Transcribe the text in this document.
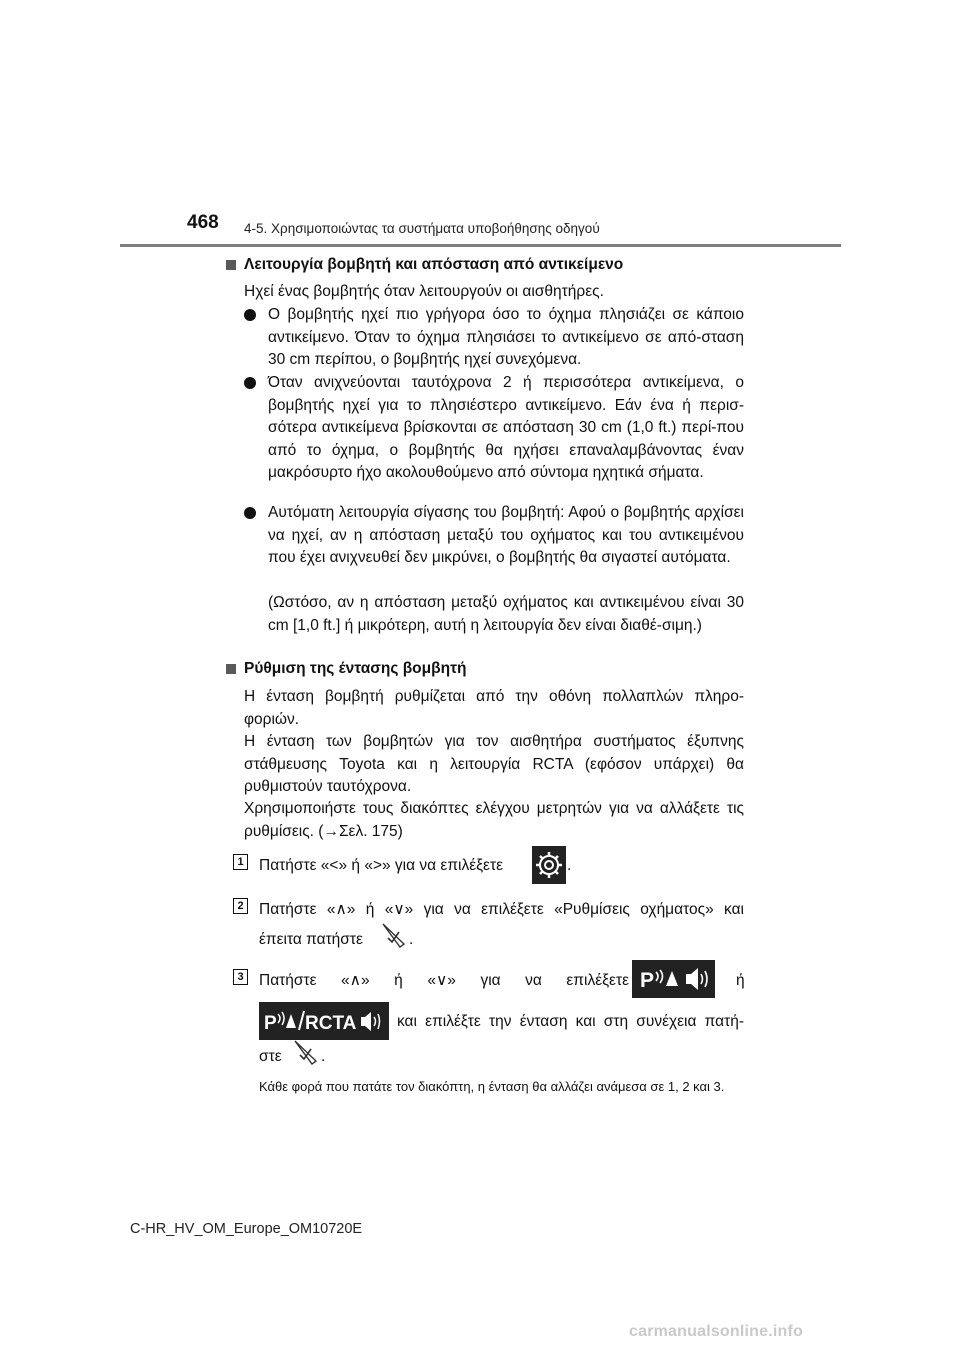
468 4-5. Χρησιμοποιώντας τα συστήματα υποβοήθησης οδηγού
Λειτουργία βομβητή και απόσταση από αντικείμενο
Ηχεί ένας βομβητής όταν λειτουργούν οι αισθητήρες.
Ο βομβητής ηχεί πιο γρήγορα όσο το όχημα πλησιάζει σε κάποιο αντικείμενο. Όταν το όχημα πλησιάσει το αντικείμενο σε από-σταση 30 cm περίπου, ο βομβητής ηχεί συνεχόμενα.
Όταν ανιχνεύονται ταυτόχρονα 2 ή περισσότερα αντικείμενα, ο βομβητής ηχεί για το πλησιέστερο αντικείμενο. Εάν ένα ή περισ-σότερα αντικείμενα βρίσκονται σε απόσταση 30 cm (1,0 ft.) περί-που από το όχημα, ο βομβητής θα ηχήσει επαναλαμβάνοντας έναν μακρόσυρτο ήχο ακολουθούμενο από σύντομα ηχητικά σήματα.
Αυτόματη λειτουργία σίγασης του βομβητή: Αφού ο βομβητής αρχίσει να ηχεί, αν η απόσταση μεταξύ του οχήματος και του αντικειμένου που έχει ανιχνευθεί δεν μικρύνει, ο βομβητής θα σιγαστεί αυτόματα.
(Ωστόσο, αν η απόσταση μεταξύ οχήματος και αντικειμένου είναι 30 cm [1,0 ft.] ή μικρότερη, αυτή η λειτουργία δεν είναι διαθέ-σιμη.)
Ρύθμιση της έντασης βομβητή
Η ένταση βομβητή ρυθμίζεται από την οθόνη πολλαπλών πληρο-φοριών.
Η ένταση των βομβητών για τον αισθητήρα συστήματος έξυπνης στάθμευσης Toyota και η λειτουργία RCTA (εφόσον υπάρχει) θα ρυθμιστούν ταυτόχρονα.
Χρησιμοποιήστε τους διακόπτες ελέγχου μετρητών για να αλλάξετε τις ρυθμίσεις. (→Σελ. 175)
1 Πατήστε «<» ή «>» για να επιλέξετε	.
2 Πατήστε «∧» ή «∨» για να επιλέξετε «Ρυθμίσεις οχήματος» και
έπειτα πατήστε	.
3 Πατήστε «∧» ή «∨» για να επιλέξετε P	ή
P RCTA	και επιλέξτε την ένταση και στη συνέχεια πατή-
στε	.
Κάθε φορά που πατάτε τον διακόπτη, η ένταση θα αλλάζει ανάμεσα σε 1, 2 και 3.
C-HR_HV_OM_Europe_OM10720E
carmanualsonline.info
